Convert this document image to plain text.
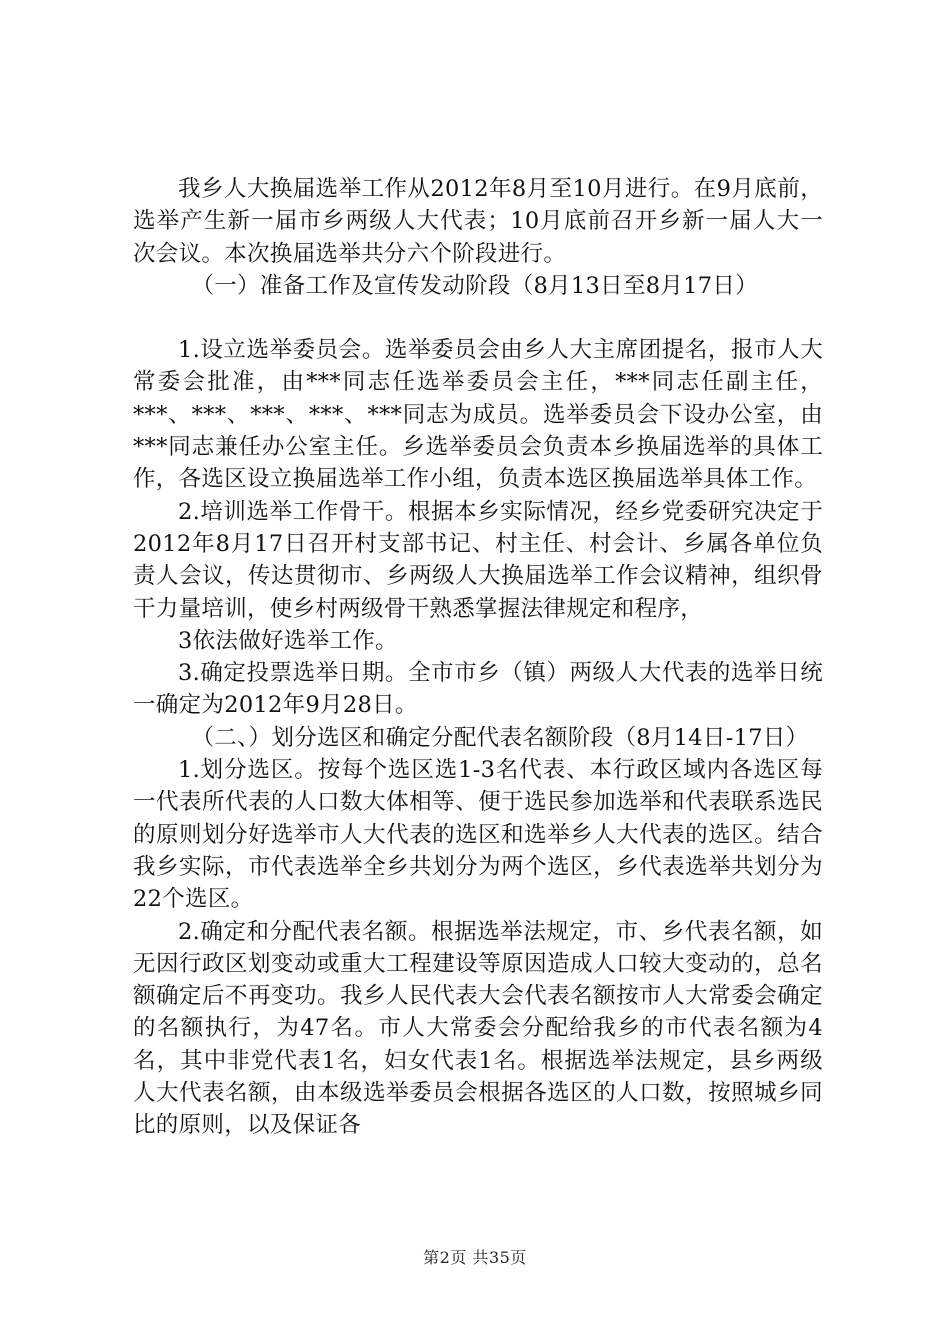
我乡人大换届选举工作从2012年8月至10月进行。在9月底前，选举产生新一届市乡两级人大代表；10月底前召开乡新一届人大一次会议。本次换届选举共分六个阶段进行。

（一）准备工作及宣传发动阶段（8月13日至8月17日）

1.设立选举委员会。选举委员会由乡人大主席团提名，报市人大常委会批准，由***同志任选举委员会主任，***同志任副主任，***、***、***、***、***同志为成员。选举委员会下设办公室，由***同志兼任办公室主任。乡选举委员会负责本乡换届选举的具体工作，各选区设立换届选举工作小组，负责本选区换届选举具体工作。

2.培训选举工作骨干。根据本乡实际情况，经乡党委研究决定于2012年8月17日召开村支部书记、村主任、村会计、乡属各单位负责人会议，传达贯彻市、乡两级人大换届选举工作会议精神，组织骨干力量培训，使乡村两级骨干熟悉掌握法律规定和程序，

3依法做好选举工作。

3.确定投票选举日期。全市市乡（镇）两级人大代表的选举日统一确定为2012年9月28日。

（二、）划分选区和确定分配代表名额阶段（8月14日-17日）

1.划分选区。按每个选区选1-3名代表、本行政区域内各选区每一代表所代表的人口数大体相等、便于选民参加选举和代表联系选民的原则划分好选举市人大代表的选区和选举乡人大代表的选区。结合我乡实际，市代表选举全乡共划分为两个选区，乡代表选举共划分为22个选区。

2.确定和分配代表名额。根据选举法规定，市、乡代表名额，如无因行政区划变动或重大工程建设等原因造成人口较大变动的，总名额确定后不再变功。我乡人民代表大会代表名额按市人大常委会确定的名额执行，为47名。市人大常委会分配给我乡的市代表名额为4名，其中非党代表1名，妇女代表1名。根据选举法规定，县乡两级人大代表名额，由本级选举委员会根据各选区的人口数，按照城乡同比的原则，以及保证各

第2页 共35页
